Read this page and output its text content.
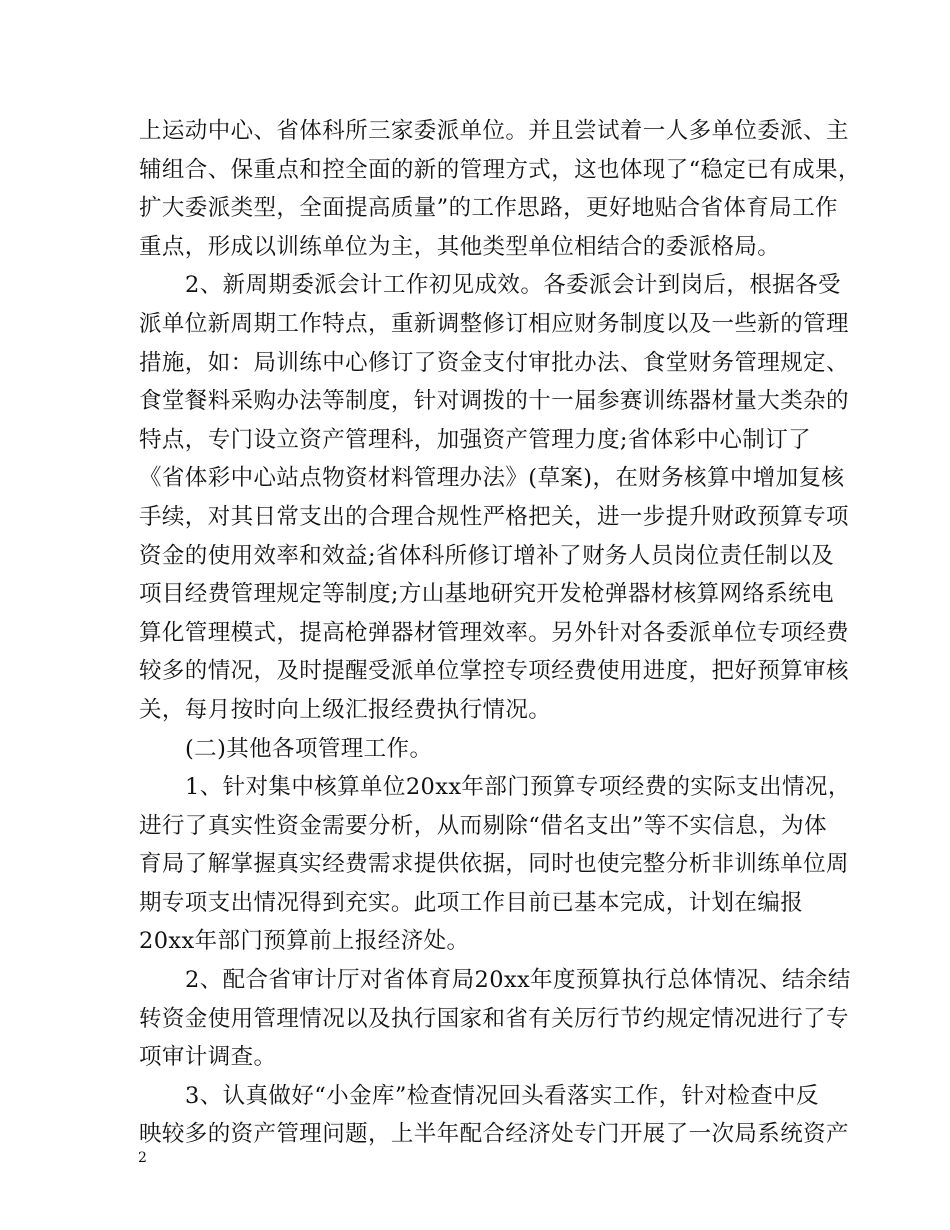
上运动中心、省体科所三家委派单位。并且尝试着一人多单位委派、主
辅组合、保重点和控全面的新的管理方式，这也体现了“稳定已有成果，
扩大委派类型，全面提高质量”的工作思路，更好地贴合省体育局工作
重点，形成以训练单位为主，其他类型单位相结合的委派格局。
2、新周期委派会计工作初见成效。各委派会计到岗后，根据各受
派单位新周期工作特点，重新调整修订相应财务制度以及一些新的管理
措施，如：局训练中心修订了资金支付审批办法、食堂财务管理规定、
食堂餐料采购办法等制度，针对调拨的十一届参赛训练器材量大类杂的
特点，专门设立资产管理科，加强资产管理力度;省体彩中心制订了
《省体彩中心站点物资材料管理办法》(草案)，在财务核算中增加复核
手续，对其日常支出的合理合规性严格把关，进一步提升财政预算专项
资金的使用效率和效益;省体科所修订增补了财务人员岗位责任制以及
项目经费管理规定等制度;方山基地研究开发枪弹器材核算网络系统电
算化管理模式，提高枪弹器材管理效率。另外针对各委派单位专项经费
较多的情况，及时提醒受派单位掌控专项经费使用进度，把好预算审核
关，每月按时向上级汇报经费执行情况。
(二)其他各项管理工作。
1、针对集中核算单位20xx年部门预算专项经费的实际支出情况，
进行了真实性资金需要分析，从而剔除“借名支出”等不实信息，为体
育局了解掌握真实经费需求提供依据，同时也使完整分析非训练单位周
期专项支出情况得到充实。此项工作目前已基本完成，计划在编报
20xx年部门预算前上报经济处。
2、配合省审计厅对省体育局20xx年度预算执行总体情况、结余结
转资金使用管理情况以及执行国家和省有关厉行节约规定情况进行了专
项审计调查。
3、认真做好“小金库”检查情况回头看落实工作，针对检查中反
映较多的资产管理问题，上半年配合经济处专门开展了一次局系统资产
2
